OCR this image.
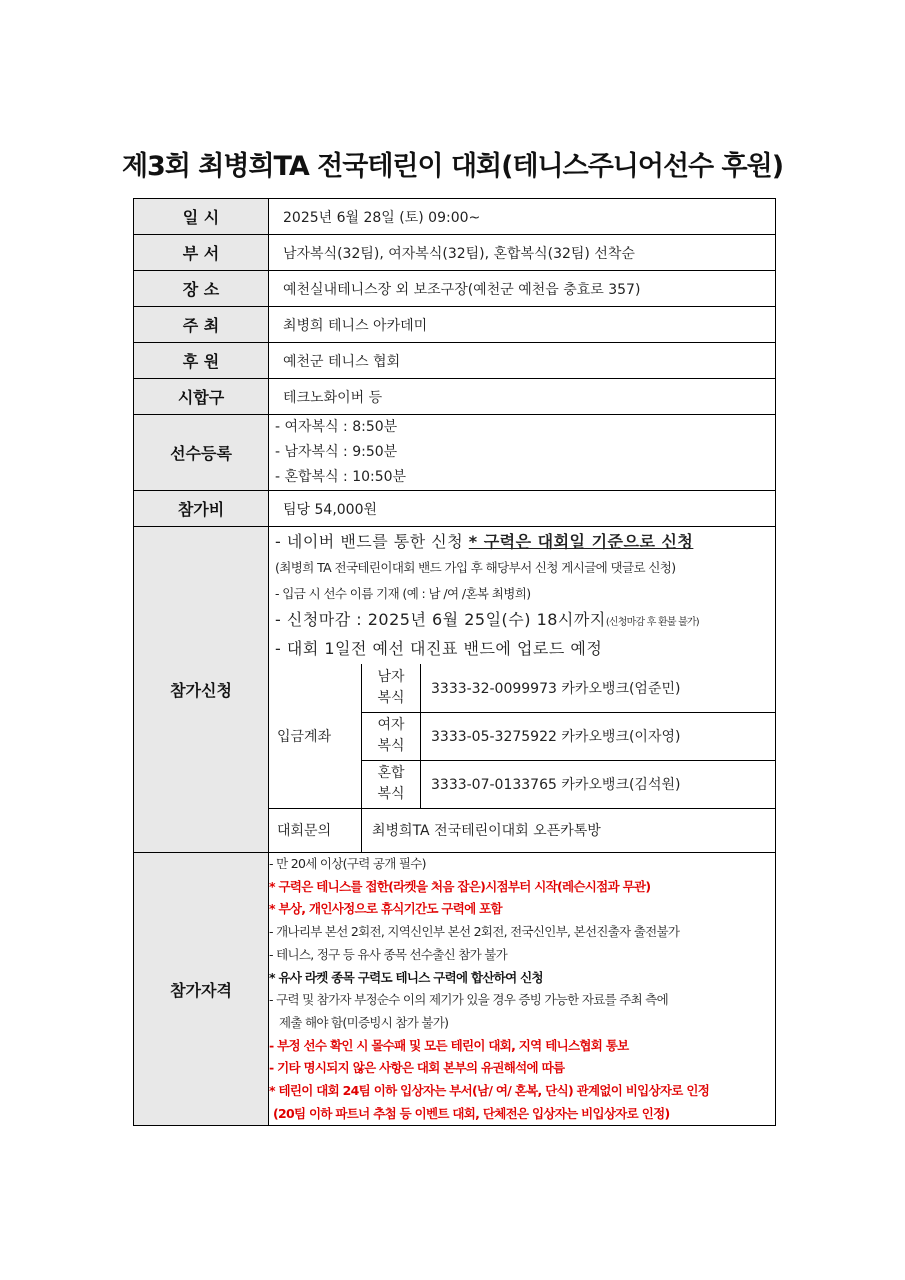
제3회 최병희TA 전국테린이 대회(테니스주니어선수 후원)
일 시	2025년 6월 28일 (토) 09:00~
부 서	남자복식(32팀), 여자복식(32팀), 혼합복식(32팀) 선착순
장 소	예천실내테니스장 외 보조구장(예천군 예천읍 충효로 357)
주 최	최병희 테니스 아카데미
후 원	예천군 테니스 협회
시합구	테크노화이버 등
선수등록	
- 여자복식 : 8:50분
- 남자복식 : 9:50분
- 혼합복식 : 10:50분

참가비	팀당 54,000원
참가신청	
- 네이버 밴드를 통한 신청 * 구력은 대회일 기준으로 신청
(최병희 TA 전국테린이대회 밴드 가입 후 해당부서 신청 게시글에 댓글로 신청)
- 입금 시 선수 이름 기재 (예 : 남 /여 /혼복 최병희)
- 신청마감 : 2025년 6월 25일(수) 18시까지(신청마감 후 환불 불가)
- 대회 1일전 예선 대진표 밴드에 업로드 예정
입금계좌	
남자
복식
	3333-32-0099973 카카오뱅크(엄준민)

여자
복식
	3333-05-3275922 카카오뱅크(이자영)

혼합
복식
	3333-07-0133765 카카오뱅크(김석원)
대회문의	최병희TA 전국테린이대회 오픈카톡방

참가자격	
- 만 20세 이상(구력 공개 필수)
* 구력은 테니스를 접한(라켓을 처음 잡은)시점부터 시작(레슨시점과 무관)
* 부상, 개인사정으로 휴식기간도 구력에 포함
- 개나리부 본선 2회전, 지역신인부 본선 2회전, 전국신인부, 본선진출자 출전불가
- 테니스, 정구 등 유사 종목 선수출신 참가 불가
* 유사 라켓 종목 구력도 테니스 구력에 합산하여 신청
- 구력 및 참가자 부정순수 이의 제기가 있을 경우 증빙 가능한 자료를 주최 측에
제출 해야 함(미증빙시 참가 불가)
- 부정 선수 확인 시 몰수패 및 모든 테린이 대회, 지역 테니스협회 통보
- 기타 명시되지 않은 사항은 대회 본부의 유권해석에 따름
* 테린이 대회 24팀 이하 입상자는 부서(남/ 여/ 혼복, 단식) 관계없이 비입상자로 인정
(20팀 이하 파트너 추첨 등 이벤트 대회, 단체전은 입상자는 비입상자로 인정)
